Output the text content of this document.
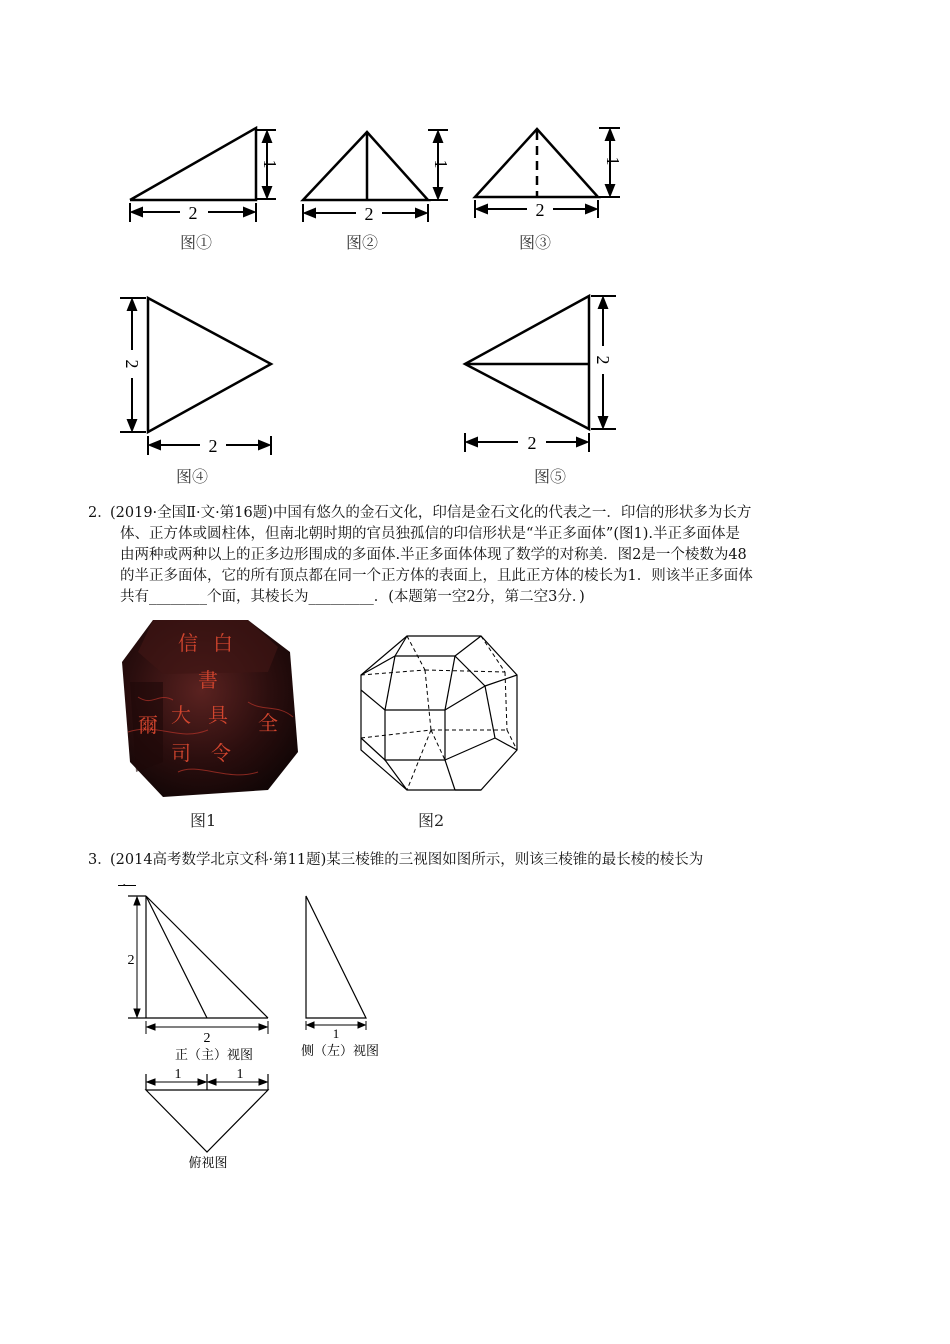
2
1
图①
2
1
图②
2
1
图③
2
2
图④
2
2
图⑤
2．
(2019·全国Ⅱ·文·第16题)中国有悠久的金石文化，印信是金石文化的代表之一．印信的形状多为长方
体、正方体或圆柱体，但南北朝时期的官员独孤信的印信形状是“半正多面体”(图1).半正多面体是
由两种或两种以上的正多边形围成的多面体.半正多面体体现了数学的对称美．图2是一个棱数为48
的半正多面体，它的所有顶点都在同一个正方体的表面上，且此正方体的棱长为1．则该半正多面体
共有________个面，其棱长为_________．(本题第一空2分，第二空3分．)
信 白
書
大 具 全
司 令
爾
图1	图2
3．
(2014高考数学北京文科·第11题)某三棱锥的三视图如图所示，则该三棱锥的最长棱的棱长为
．
2
2
正（主）视图
1
侧（左）视图
1	1
俯视图
